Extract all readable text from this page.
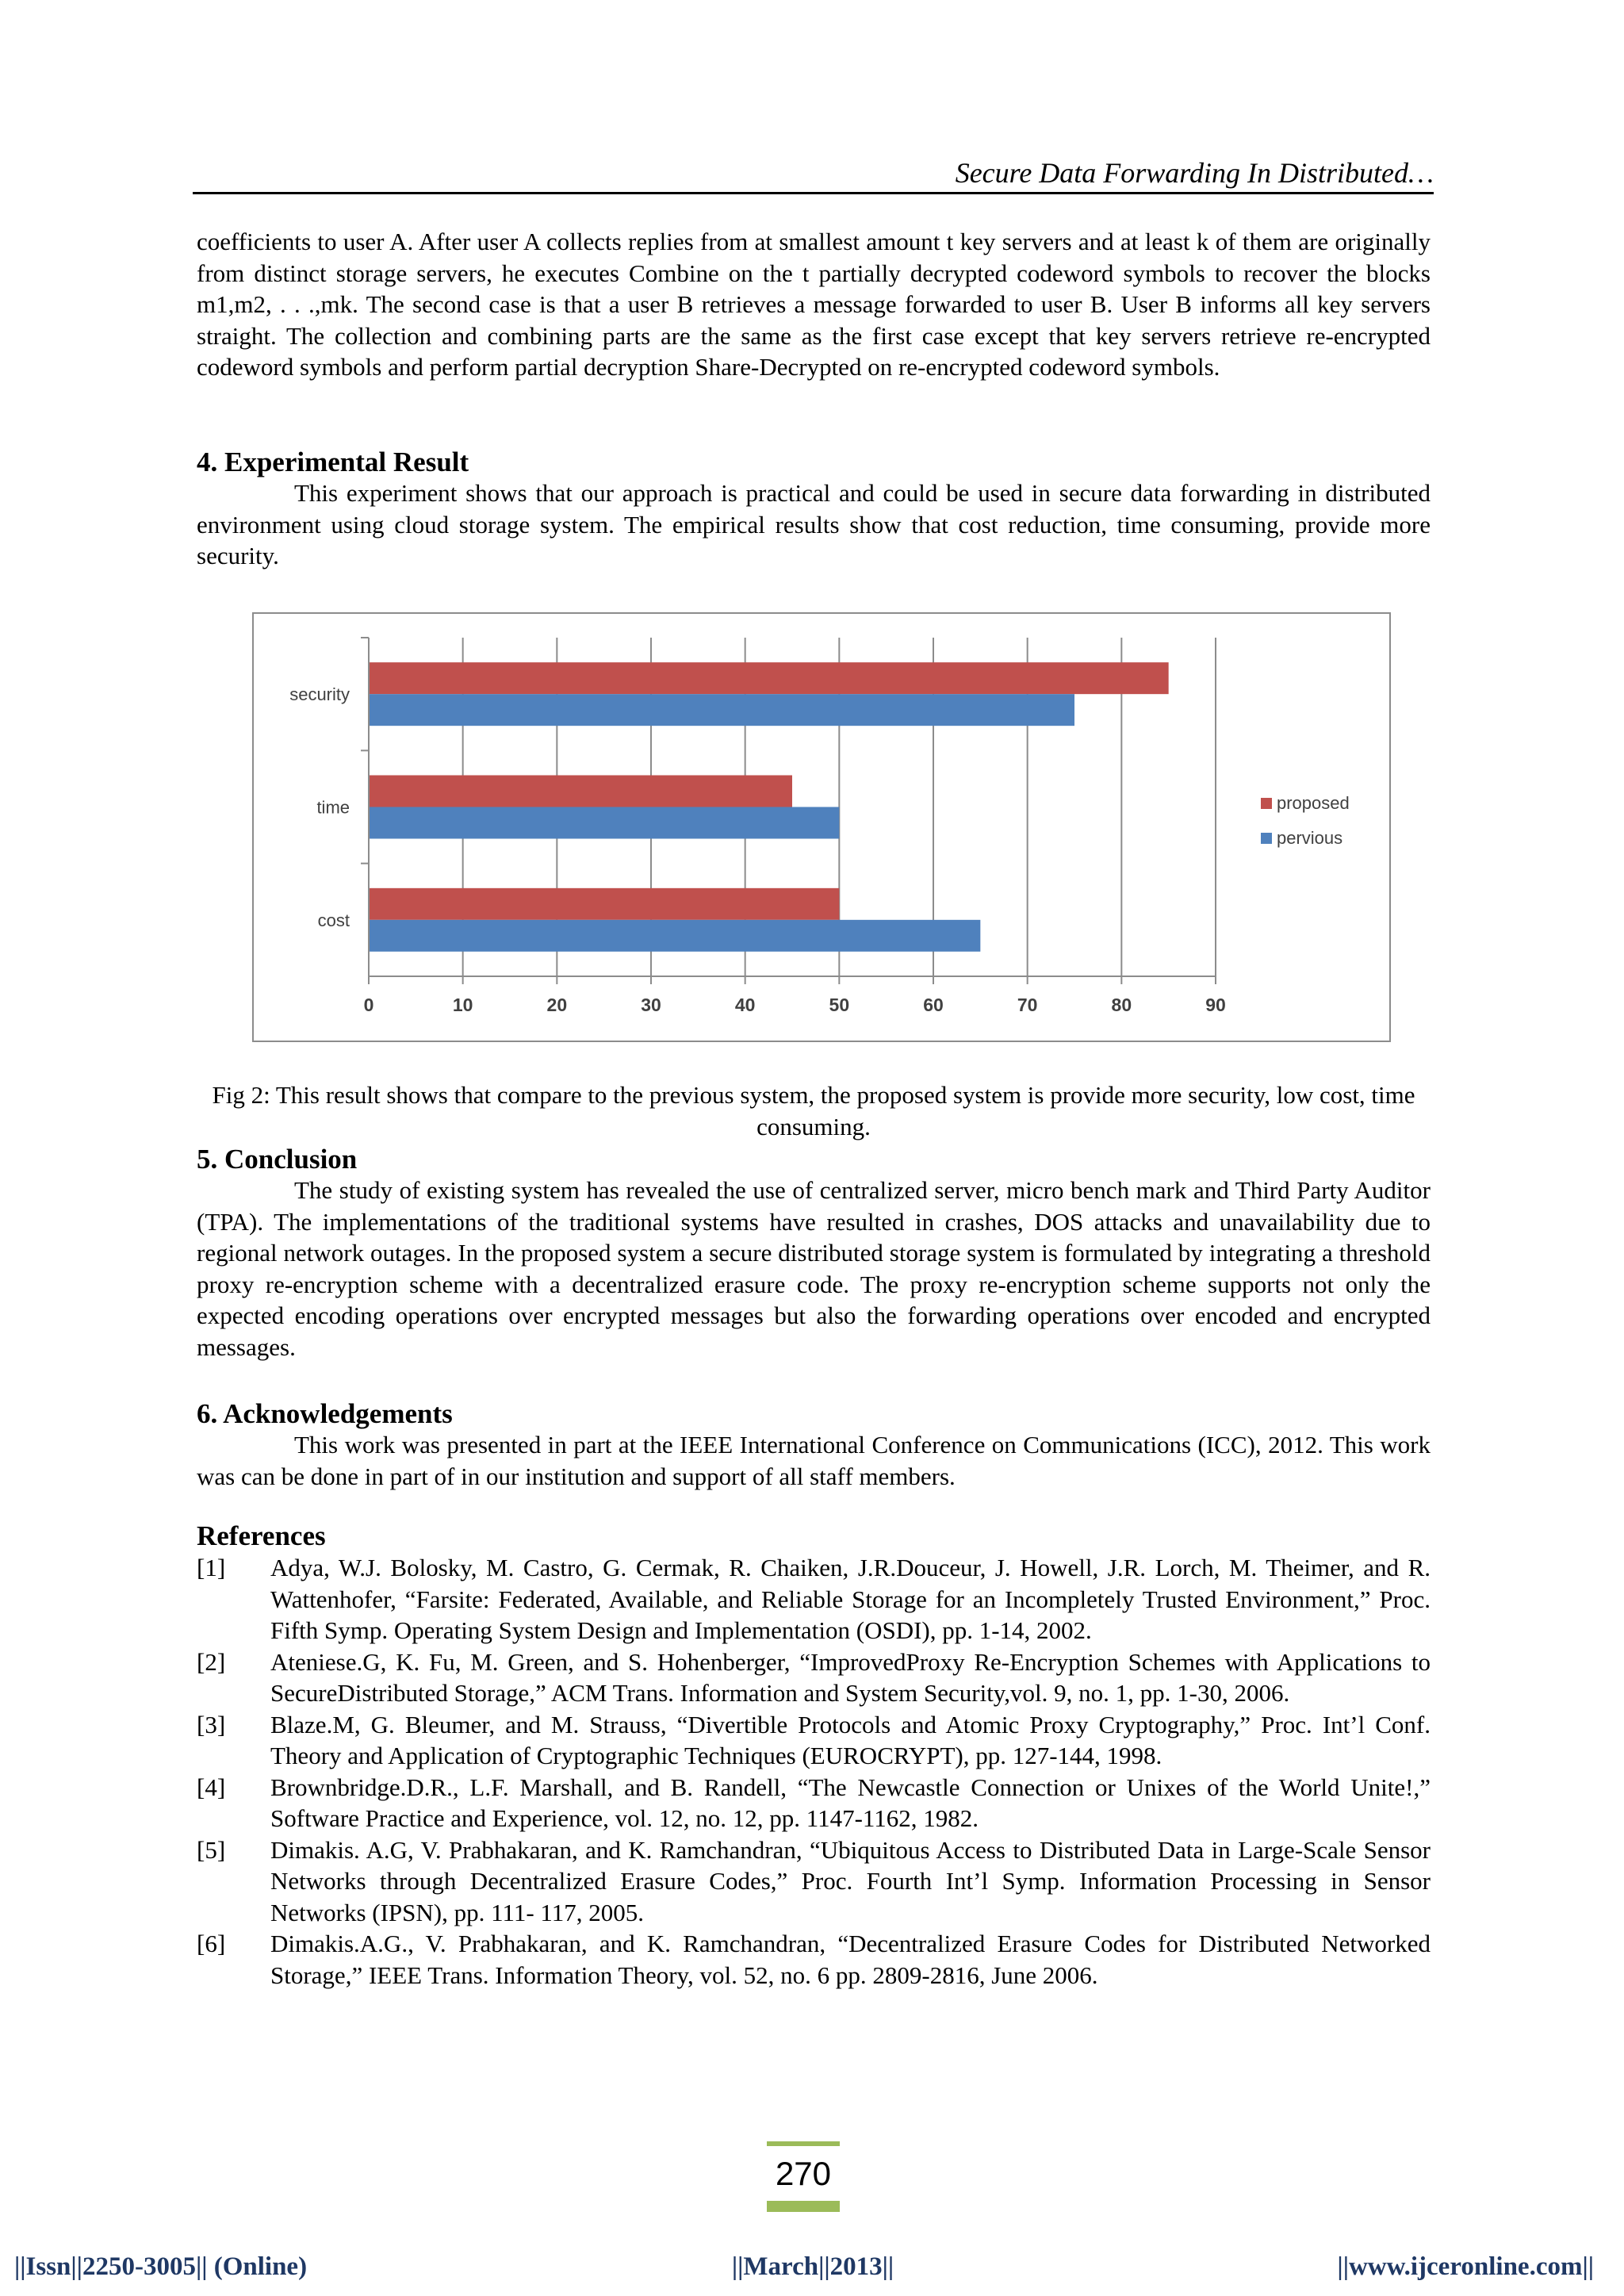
Secure Data Forwarding In Distributed…

coefficients to user A. After user A collects replies from at smallest amount t key servers and at least k of them are originally from distinct storage servers, he executes Combine on the t partially decrypted codeword symbols to recover the blocks m1,m2, . . .,mk. The second case is that a user B retrieves a message forwarded to user B. User B informs all key servers straight. The collection and combining parts are the same as the first case except that key servers retrieve re-encrypted codeword symbols and perform partial decryption Share-Decrypted on re-encrypted codeword symbols.

4. Experimental Result

This experiment shows that our approach is practical and could be used in secure data forwarding in distributed environment using cloud storage system. The empirical results show that cost reduction, time consuming, provide more security.

0	10	20	30	40	50	60	70	80	90
security
time
cost
proposed
pervious
Fig 2: This result shows that compare to the previous system, the proposed system is provide more security, low cost, time consuming.
5. Conclusion

The study of existing system has revealed the use of centralized server, micro bench mark and Third Party Auditor (TPA). The implementations of the traditional systems have resulted in crashes, DOS attacks and unavailability due to regional network outages. In the proposed system a secure distributed storage system is formulated by integrating a threshold proxy re-encryption scheme with a decentralized erasure code. The proxy re-encryption scheme supports not only the expected encoding operations over encrypted messages but also the forwarding operations over encoded and encrypted messages.

6. Acknowledgements

This work was presented in part at the IEEE International Conference on Communications (ICC), 2012. This work was can be done in part of in our institution and support of all staff members.

References
[1] Adya, W.J. Bolosky, M. Castro, G. Cermak, R. Chaiken, J.R.Douceur, J. Howell, J.R. Lorch, M. Theimer, and R. Wattenhofer, “Farsite: Federated, Available, and Reliable Storage for an Incompletely Trusted Environment,” Proc. Fifth Symp. Operating System Design and Implementation (OSDI), pp. 1-14, 2002.
[2] Ateniese.G, K. Fu, M. Green, and S. Hohenberger, “ImprovedProxy Re-Encryption Schemes with Applications to SecureDistributed Storage,” ACM Trans. Information and System Security,vol. 9, no. 1, pp. 1-30, 2006.
[3] Blaze.M, G. Bleumer, and M. Strauss, “Divertible Protocols and Atomic Proxy Cryptography,” Proc. Int’l Conf. Theory and Application of Cryptographic Techniques (EUROCRYPT), pp. 127-144, 1998.
[4] Brownbridge.D.R., L.F. Marshall, and B. Randell, “The Newcastle Connection or Unixes of the World Unite!,” Software Practice and Experience, vol. 12, no. 12, pp. 1147-1162, 1982.
[5] Dimakis. A.G, V. Prabhakaran, and K. Ramchandran, “Ubiquitous Access to Distributed Data in Large-Scale Sensor Networks through Decentralized Erasure Codes,” Proc. Fourth Int’l Symp. Information Processing in Sensor Networks (IPSN), pp. 111- 117, 2005.
[6] Dimakis.A.G., V. Prabhakaran, and K. Ramchandran, “Decentralized Erasure Codes for Distributed Networked Storage,” IEEE Trans. Information Theory, vol. 52, no. 6 pp. 2809-2816, June 2006.
270
||Issn||2250-3005|| (Online)	||March||2013||	||www.ijceronline.com||
